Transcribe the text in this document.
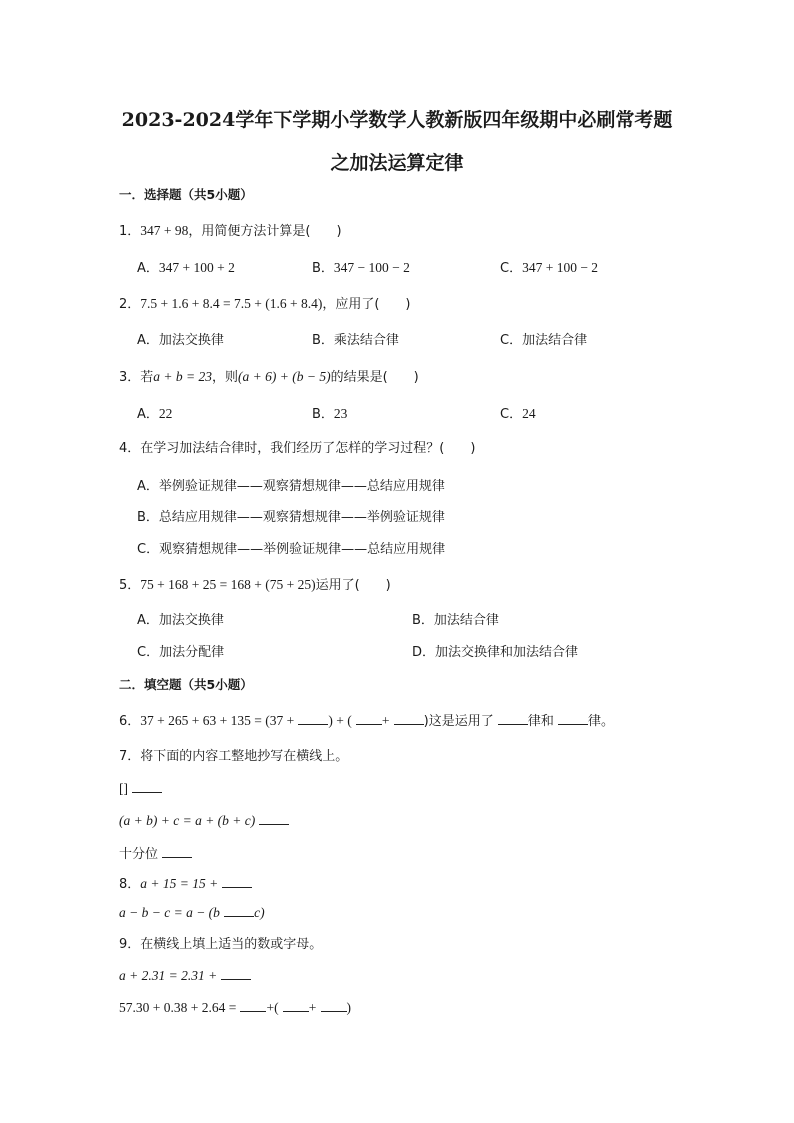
2023-2024学年下学期小学数学人教新版四年级期中必刷常考题
之加法运算定律
一．选择题（共5小题）
1．347 + 98，用简便方法计算是(　　)
A．347 + 100 + 2	B．347 − 100 − 2	C．347 + 100 − 2
2．7.5 + 1.6 + 8.4 = 7.5 + (1.6 + 8.4)，应用了(　　)
A．加法交换律	B．乘法结合律	C．加法结合律
3．若a + b = 23，则(a + 6) + (b − 5)的结果是(　　)
A．22	B．23	C．24
4．在学习加法结合律时，我们经历了怎样的学习过程？(　　)
A．举例验证规律——观察猜想规律——总结应用规律
B．总结应用规律——观察猜想规律——举例验证规律
C．观察猜想规律——举例验证规律——总结应用规律
5．75 + 168 + 25 = 168 + (75 + 25)运用了(　　)
A．加法交换律	B．加法结合律
C．加法分配律	D．加法交换律和加法结合律
二．填空题（共5小题）
6．37 + 265 + 63 + 135 = (37 +	) + ( +	)这是运用了	律和	律。
7．将下面的内容工整地抄写在横线上。
[]
(a + b) + c = a + (b + c)
十分位
8．a + 15 = 15 +
a − b − c = a − (b	c)
9．在横线上填上适当的数或字母。
a + 2.31 = 2.31 +
57.30 + 0.38 + 2.64 = +( + )
